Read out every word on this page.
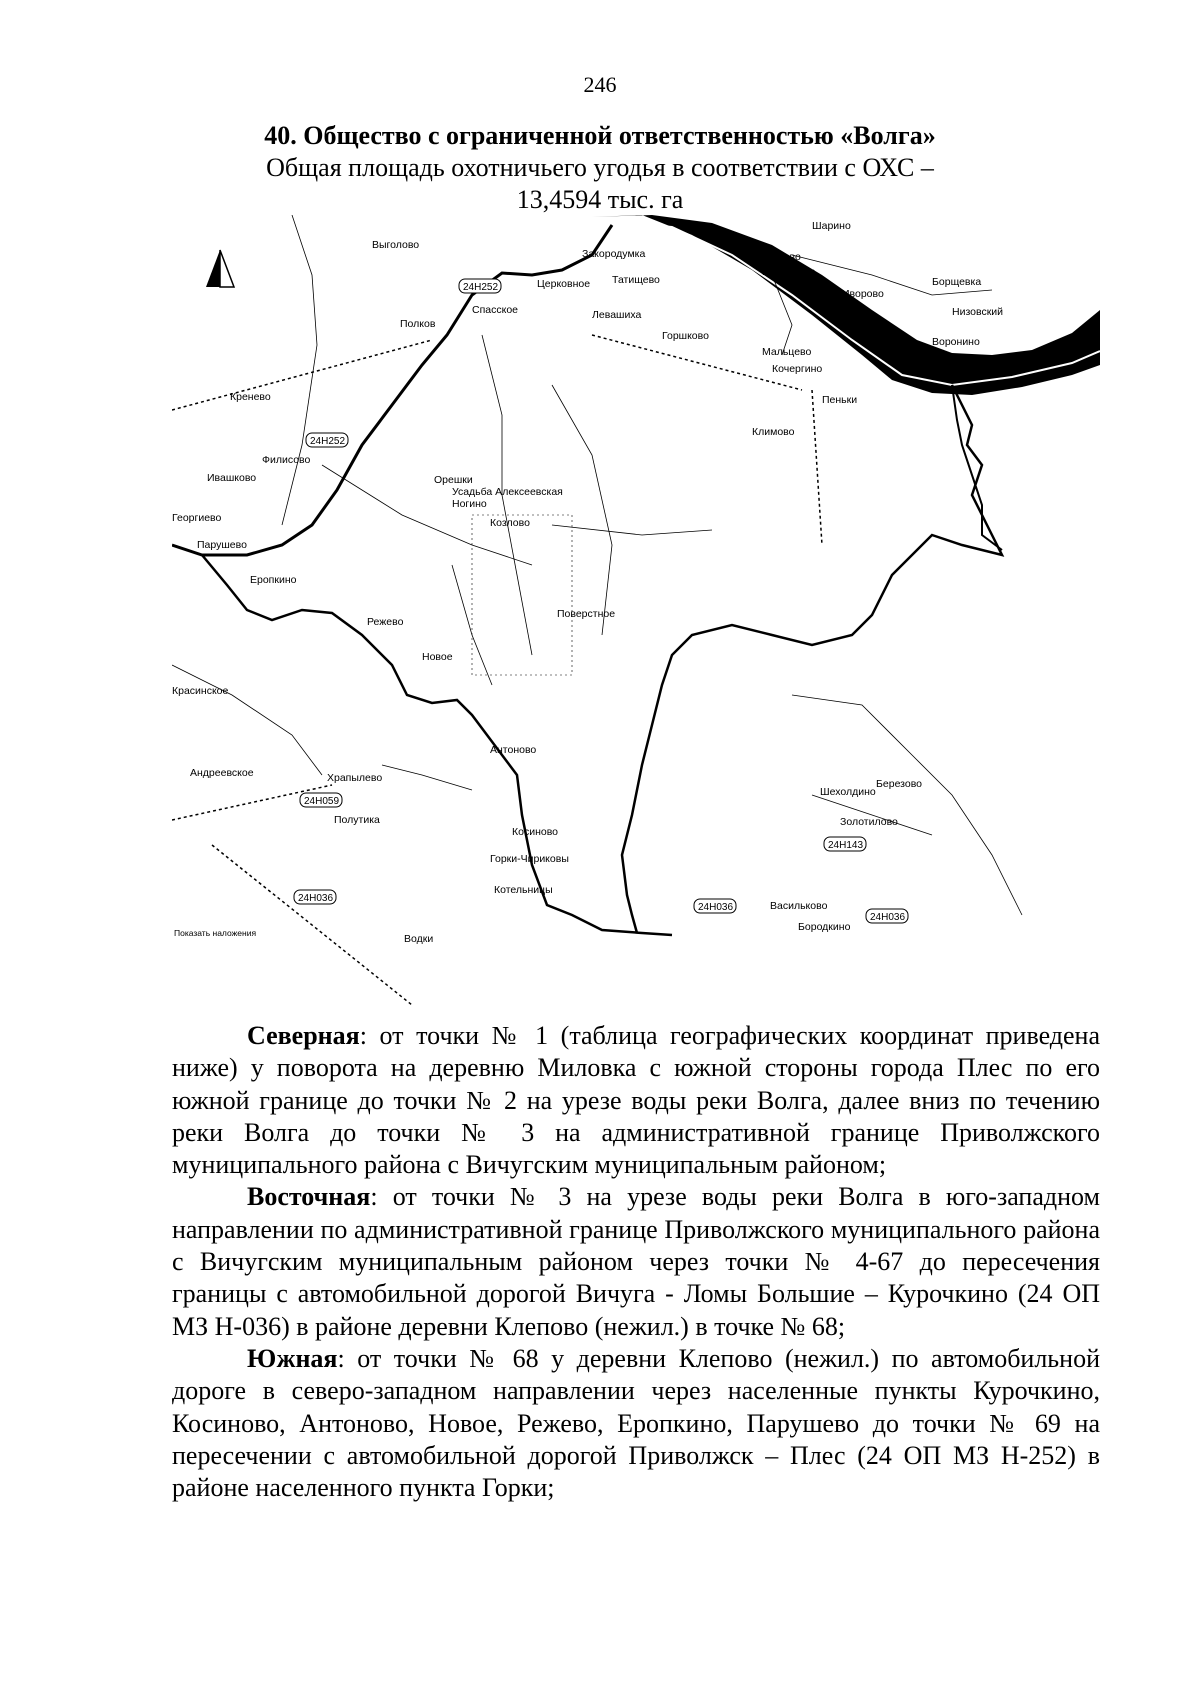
246
40. Общество с ограниченной ответственностью «Волга»
Общая площадь охотничьего угодья в соответствии с ОХС –
13,4594 тыс. га
Выголово
Шарино
Сторожево
Ведернево
Борщевка
Иворово
Низовский
Воронино
Закородумка
Татищево
Церковное
Спасское	Левашиха
Горшково
Полков
Мальцево
Кочергино
Пеньки
Климово
Кренево
Филисово
Ивашково	Орешки
Усадьба Алексеевская
Ногино
Козлово
Георгиево
Парушево
Еропкино
Режево
Поверстное
Новое
Красинское
Антоново
Андреевское	Храпылево
Полутика
Косиново
Горки-Чириковы
Котельницы
Шехолдино
Березово
Золотилово
Васильково
Бородкино
Водки
Показать наложения
24Н252
24Н252
24Н059
24Н036
24Н036
24Н036
24Н143

Северная: от точки № 1 (таблица географических координат приведена ниже) у поворота на деревню Миловка с южной стороны города Плес по его южной границе до точки № 2 на урезе воды реки Волга, далее вниз по течению реки Волга до точки № 3 на административной границе Приволжского муниципального района с Вичугским муниципальным районом;

Восточная: от точки № 3 на урезе воды реки Волга в юго-западном направлении по административной границе Приволжского муниципального района с Вичугским муниципальным районом через точки № 4-67 до пересечения границы с автомобильной дорогой Вичуга - Ломы Большие – Курочкино (24 ОП МЗ Н-036) в районе деревни Клепово (нежил.) в точке № 68;

Южная: от точки № 68 у деревни Клепово (нежил.) по автомобильной дороге в северо-западном направлении через населенные пункты Курочкино, Косиново, Антоново, Новое, Режево, Еропкино, Парушево до точки № 69 на пересечении с автомобильной дорогой Приволжск – Плес (24 ОП МЗ Н-252) в районе населенного пункта Горки;
